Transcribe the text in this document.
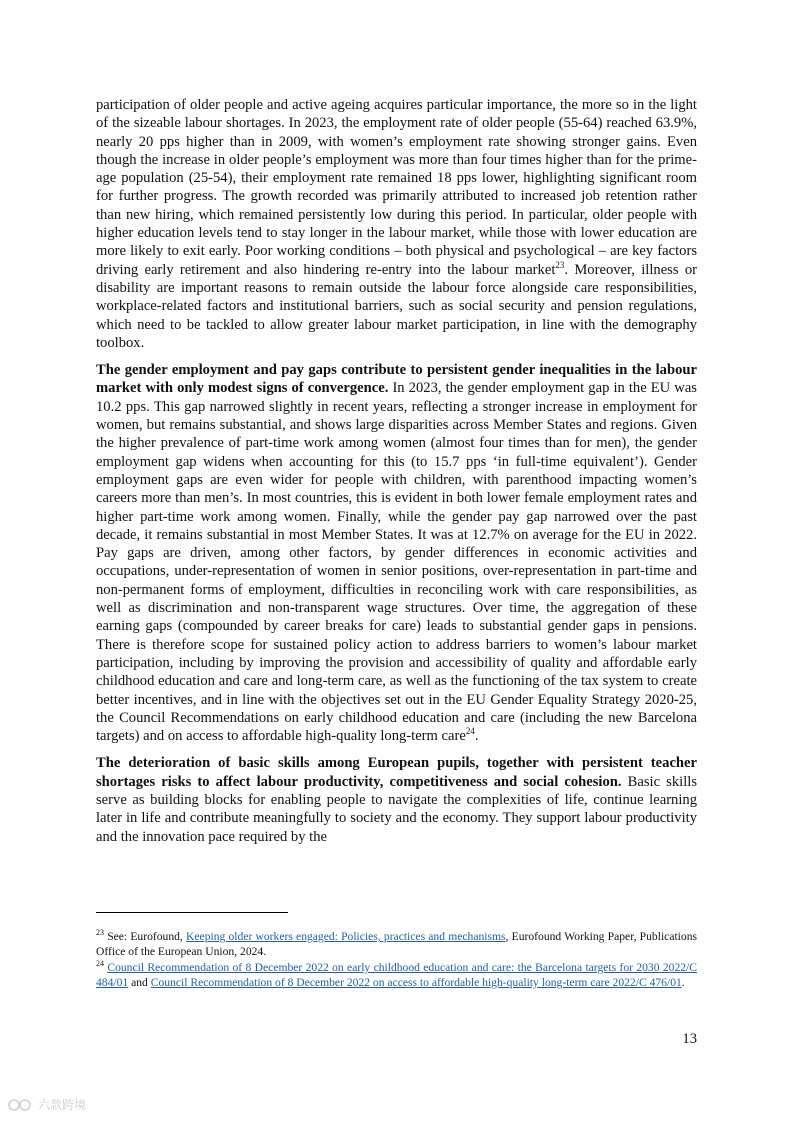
participation of older people and active ageing acquires particular importance, the more so in the light of the sizeable labour shortages. In 2023, the employment rate of older people (55-64) reached 63.9%, nearly 20 pps higher than in 2009, with women’s employment rate showing stronger gains. Even though the increase in older people’s employment was more than four times higher than for the prime-age population (25-54), their employment rate remained 18 pps lower, highlighting significant room for further progress. The growth recorded was primarily attributed to increased job retention rather than new hiring, which remained persistently low during this period. In particular, older people with higher education levels tend to stay longer in the labour market, while those with lower education are more likely to exit early. Poor working conditions – both physical and psychological – are key factors driving early retirement and also hindering re-entry into the labour market$^{23}$. Moreover, illness or disability are important reasons to remain outside the labour force alongside care responsibilities, workplace-related factors and institutional barriers, such as social security and pension regulations, which need to be tackled to allow greater labour market participation, in line with the demography toolbox.

The gender employment and pay gaps contribute to persistent gender inequalities in the labour market with only modest signs of convergence. In 2023, the gender employment gap in the EU was 10.2 pps. This gap narrowed slightly in recent years, reflecting a stronger increase in employment for women, but remains substantial, and shows large disparities across Member States and regions. Given the higher prevalence of part-time work among women (almost four times than for men), the gender employment gap widens when accounting for this (to 15.7 pps ‘in full-time equivalent’). Gender employment gaps are even wider for people with children, with parenthood impacting women’s careers more than men’s. In most countries, this is evident in both lower female employment rates and higher part-time work among women. Finally, while the gender pay gap narrowed over the past decade, it remains substantial in most Member States. It was at 12.7% on average for the EU in 2022. Pay gaps are driven, among other factors, by gender differences in economic activities and occupations, under-representation of women in senior positions, over-representation in part-time and non-permanent forms of employment, difficulties in reconciling work with care responsibilities, as well as discrimination and non-transparent wage structures. Over time, the aggregation of these earning gaps (compounded by career breaks for care) leads to substantial gender gaps in pensions. There is therefore scope for sustained policy action to address barriers to women’s labour market participation, including by improving the provision and accessibility of quality and affordable early childhood education and care and long-term care, as well as the functioning of the tax system to create better incentives, and in line with the objectives set out in the EU Gender Equality Strategy 2020-25, the Council Recommendations on early childhood education and care (including the new Barcelona targets) and on access to affordable high-quality long-term care$^{24}$.

The deterioration of basic skills among European pupils, together with persistent teacher shortages risks to affect labour productivity, competitiveness and social cohesion. Basic skills serve as building blocks for enabling people to navigate the complexities of life, continue learning later in life and contribute meaningfully to society and the economy. They support labour productivity and the innovation pace required by the

$^{23}$ See: Eurofound, Keeping older workers engaged: Policies, practices and mechanisms, Eurofound Working Paper, Publications Office of the European Union, 2024.

$^{24}$ Council Recommendation of 8 December 2022 on early childhood education and care: the Barcelona targets for 2030 2022/C 484/01 and Council Recommendation of 8 December 2022 on access to affordable high-quality long-term care 2022/C 476/01.

13
六款跨境
